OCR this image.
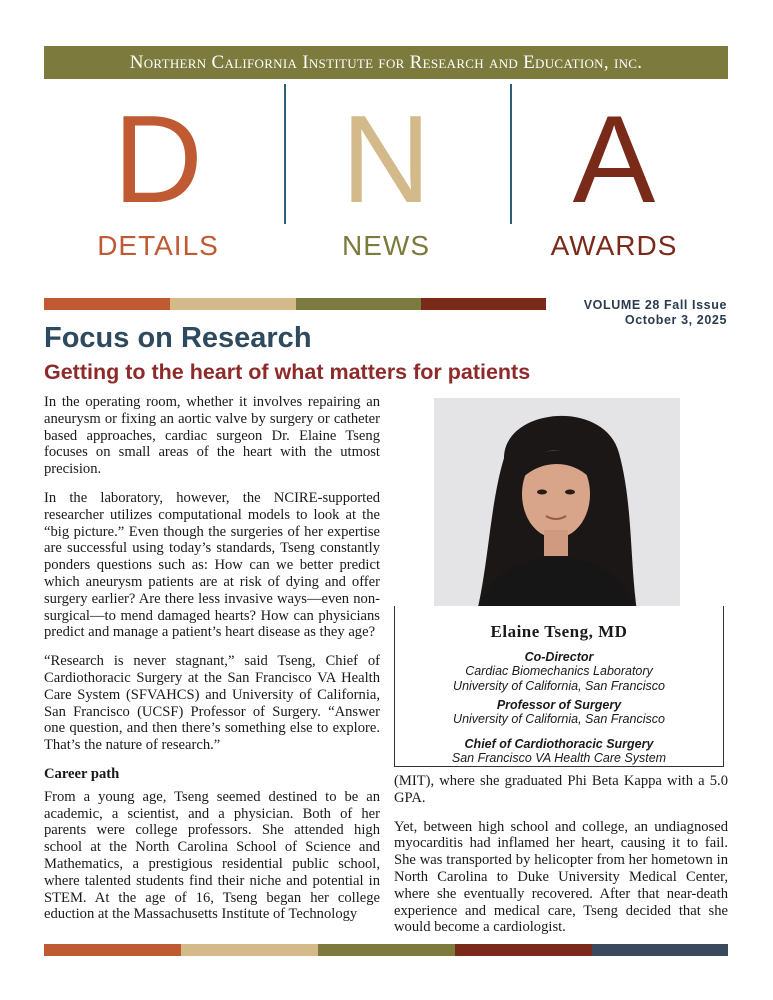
Northern California Institute for Research and Education, inc.
D
DETAILS
N
NEWS
A
AWARDS
VOLUME 28 Fall Issue
October 3, 2025
Focus on Research
Getting to the heart of what matters for patients

In the operating room, whether it involves repairing an aneurysm or fixing an aortic valve by surgery or catheter based approaches, cardiac surgeon Dr. Elaine Tseng focuses on small areas of the heart with the utmost precision.

In the laboratory, however, the NCIRE-supported researcher utilizes computational models to look at the “big picture.” Even though the surgeries of her expertise are successful using today’s standards, Tseng constantly ponders questions such as: How can we better predict which aneurysm patients are at risk of dying and offer surgery earlier? Are there less invasive ways—even non-surgical—to mend damaged hearts? How can physicians predict and manage a patient’s heart disease as they age?

“Research is never stagnant,” said Tseng, Chief of Cardiothoracic Surgery at the San Francisco VA Health Care System (SFVAHCS) and University of California, San Francisco (UCSF) Professor of Surgery. “Answer one question, and then there’s something else to explore. That’s the nature of research.”

Career path

From a young age, Tseng seemed destined to be an academic, a scientist, and a physician. Both of her parents were college professors. She attended high school at the North Carolina School of Science and Mathematics, a prestigious residential public school, where talented students find their niche and potential in STEM. At the age of 16, Tseng began her college eduction at the Massachusetts Institute of Technology

Elaine Tseng, MD
Co-Director
Cardiac Biomechanics Laboratory
University of California, San Francisco
Professor of Surgery
University of California, San Francisco
Chief of Cardiothoracic Surgery
San Francisco VA Health Care System

(MIT), where she graduated Phi Beta Kappa with a 5.0 GPA.

Yet, between high school and college, an undiagnosed myocarditis had inflamed her heart, causing it to fail. She was transported by helicopter from her hometown in North Carolina to Duke University Medical Center, where she eventually recovered. After that near-death experience and medical care, Tseng decided that she would become a cardiologist.
